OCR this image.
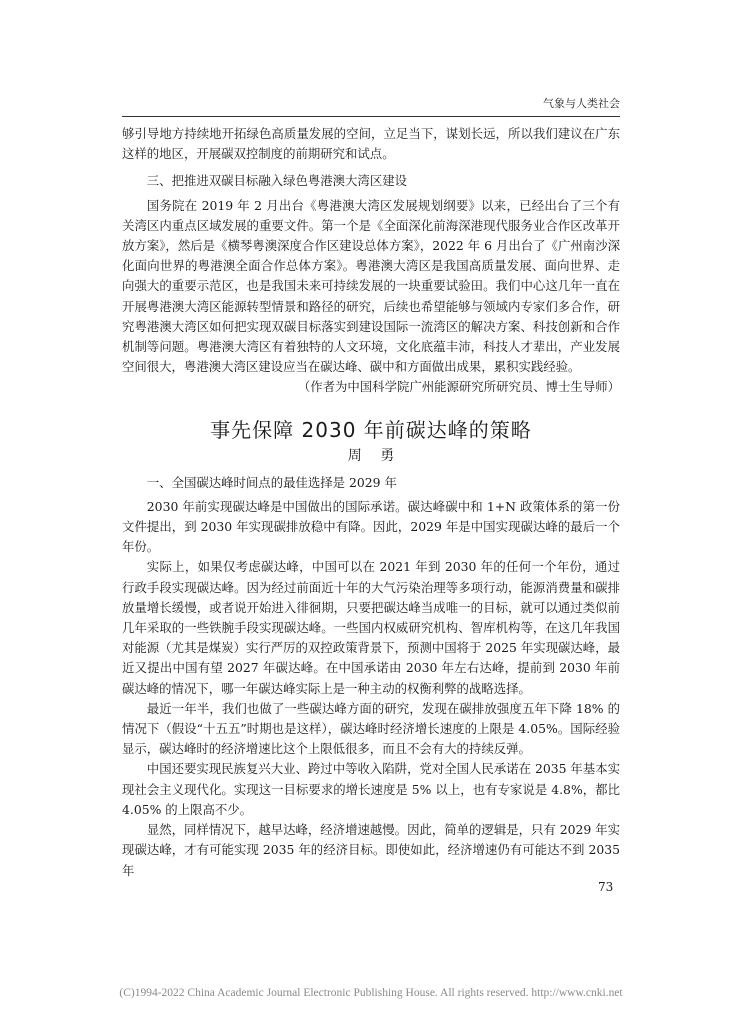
气象与人类社会

够引导地方持续地开拓绿色高质量发展的空间，立足当下，谋划长远，所以我们建议在广东这样的地区，开展碳双控制度的前期研究和试点。

三、把推进双碳目标融入绿色粤港澳大湾区建设

国务院在 2019 年 2 月出台《粤港澳大湾区发展规划纲要》以来，已经出台了三个有关湾区内重点区域发展的重要文件。第一个是《全面深化前海深港现代服务业合作区改革开放方案》，然后是《横琴粤澳深度合作区建设总体方案》，2022 年 6 月出台了《广州南沙深化面向世界的粤港澳全面合作总体方案》。粤港澳大湾区是我国高质量发展、面向世界、走向强大的重要示范区，也是我国未来可持续发展的一块重要试验田。我们中心这几年一直在开展粤港澳大湾区能源转型情景和路径的研究，后续也希望能够与领域内专家们多合作，研究粤港澳大湾区如何把实现双碳目标落实到建设国际一流湾区的解决方案、科技创新和合作机制等问题。粤港澳大湾区有着独特的人文环境，文化底蕴丰沛，科技人才辈出，产业发展空间很大，粤港澳大湾区建设应当在碳达峰、碳中和方面做出成果，累积实践经验。

（作者为中国科学院广州能源研究所研究员、博士生导师）

事先保障 2030 年前碳达峰的策略
周 勇

一、全国碳达峰时间点的最佳选择是 2029 年

2030 年前实现碳达峰是中国做出的国际承诺。碳达峰碳中和 1+N 政策体系的第一份文件提出，到 2030 年实现碳排放稳中有降。因此，2029 年是中国实现碳达峰的最后一个年份。

实际上，如果仅考虑碳达峰，中国可以在 2021 年到 2030 年的任何一个年份，通过行政手段实现碳达峰。因为经过前面近十年的大气污染治理等多项行动，能源消费量和碳排放量增长缓慢，或者说开始进入徘徊期，只要把碳达峰当成唯一的目标，就可以通过类似前几年采取的一些铁腕手段实现碳达峰。一些国内权威研究机构、智库机构等，在这几年我国对能源（尤其是煤炭）实行严厉的双控政策背景下，预测中国将于 2025 年实现碳达峰，最近又提出中国有望 2027 年碳达峰。在中国承诺由 2030 年左右达峰，提前到 2030 年前碳达峰的情况下，哪一年碳达峰实际上是一种主动的权衡利弊的战略选择。

最近一年半，我们也做了一些碳达峰方面的研究，发现在碳排放强度五年下降 18% 的情况下（假设“十五五”时期也是这样），碳达峰时经济增长速度的上限是 4.05%。国际经验显示，碳达峰时的经济增速比这个上限低很多，而且不会有大的持续反弹。

中国还要实现民族复兴大业、跨过中等收入陷阱，党对全国人民承诺在 2035 年基本实现社会主义现代化。实现这一目标要求的增长速度是 5% 以上，也有专家说是 4.8%，都比 4.05% 的上限高不少。

显然，同样情况下，越早达峰，经济增速越慢。因此，简单的逻辑是，只有 2029 年实现碳达峰，才有可能实现 2035 年的经济目标。即使如此，经济增速仍有可能达不到 2035 年

73
(C)1994-2022 China Academic Journal Electronic Publishing House. All rights reserved. http://www.cnki.net
